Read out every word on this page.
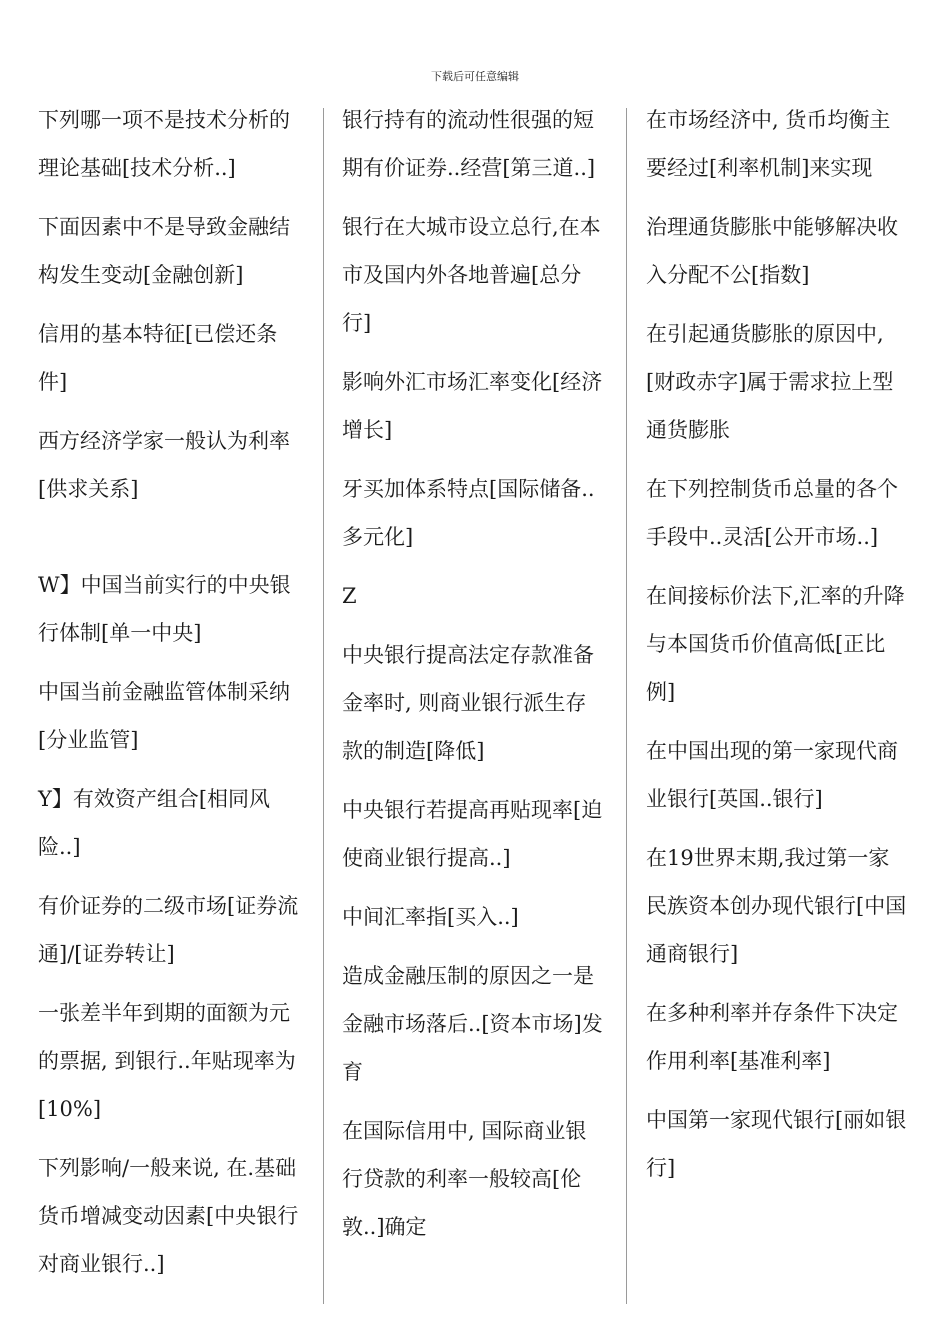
下载后可任意编辑
下列哪一项不是技术分析的理论基础[技术分析..]
下面因素中不是导致金融结构发生变动[金融创新]
信用的基本特征[已偿还条件]
西方经济学家一般认为利率[供求关系]
W】中国当前实行的中央银行体制[单一中央]
中国当前金融监管体制采纳[分业监管]
Y】有效资产组合[相同风险..]
有价证券的二级市场[证券流通]/[证券转让]
一张差半年到期的面额为元的票据, 到银行..年贴现率为[10%]
下列影响/一般来说, 在.基础货币增减变动因素[中央银行对商业银行..]
银行持有的流动性很强的短期有价证券..经营[第三道..]
银行在大城市设立总行,在本市及国内外各地普遍[总分行]
影响外汇市场汇率变化[经济增长]
牙买加体系特点[国际储备..多元化]
Z
中央银行提高法定存款准备金率时, 则商业银行派生存款的制造[降低]
中央银行若提高再贴现率[迫使商业银行提高..]
中间汇率指[买入..]
造成金融压制的原因之一是金融市场落后..[资本市场]发育
在国际信用中, 国际商业银行贷款的利率一般较高[伦敦..]确定
在市场经济中, 货币均衡主要经过[利率机制]来实现
治理通货膨胀中能够解决收入分配不公[指数]
在引起通货膨胀的原因中,[财政赤字]属于需求拉上型通货膨胀
在下列控制货币总量的各个手段中..灵活[公开市场..]
在间接标价法下,汇率的升降与本国货币价值高低[正比例]
在中国出现的第一家现代商业银行[英国..银行]
在19世界末期,我过第一家民族资本创办现代银行[中国通商银行]
在多种利率并存条件下决定作用利率[基准利率]
中国第一家现代银行[丽如银行]
